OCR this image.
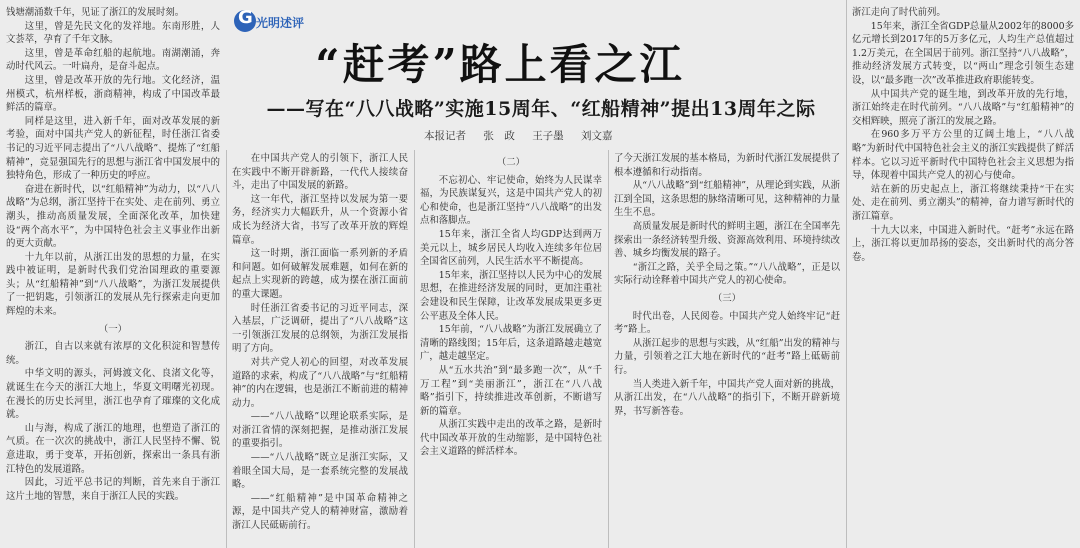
G 光明述评
“赶考”路上看之江
——写在“八八战略”实施15周年、“红船精神”提出13周年之际
本报记者 张　政 王子墨 刘文嘉

钱塘潮涌数千年，见证了浙江的发展时刻。

这里，曾是先民文化的发祥地。东南形胜，人文荟萃，孕育了千年文脉。

这里，曾是革命红船的起航地。南湖潮涌，奔动时代风云。一叶扁舟，是奋斗起点。

这里，曾是改革开放的先行地。文化经济，温州模式，杭州样板，浙商精神，构成了中国改革最鲜活的篇章。

同样是这里，进入新千年，面对改革发展的新考验，面对中国共产党人的新征程，时任浙江省委书记的习近平同志提出了“八八战略”、提炼了“红船精神”，竞显强国先行的思想与浙江省中国发展中的独特角色，形成了一种历史的呼应。

奋进在新时代，以“红船精神”为动力，以“八八战略”为总纲，浙江坚持干在实处、走在前列、勇立潮头，推动高质量发展，全面深化改革，加快建设“两个高水平”，为中国特色社会主义事业作出新的更大贡献。

十九年以前，从浙江出发的思想的力量，在实践中被证明，是新时代我们党治国理政的重要源头；从“红船精神”到“八八战略”，为浙江发展提供了一把钥匙，引领浙江的发展从先行探索走向更加辉煌的未来。

（一）

浙江，自古以来就有浓厚的文化积淀和智慧传统。

中华文明的源头，河姆渡文化、良渚文化等，就诞生在今天的浙江大地上，华夏文明曙光初现。在漫长的历史长河里，浙江也孕育了璀璨的文化成就。

山与海，构成了浙江的地理，也塑造了浙江的气质。在一次次的挑战中，浙江人民坚持不懈、锐意进取，勇于变革，开拓创新，探索出一条具有浙江特色的发展道路。

因此，习近平总书记的判断，首先来自于浙江这片土地的智慧，来自于浙江人民的实践。

在中国共产党人的引领下，浙江人民在实践中不断开辟新路，一代代人接续奋斗，走出了中国发展的新路。

这一年代，浙江坚持以发展为第一要务，经济实力大幅跃升，从一个资源小省成长为经济大省，书写了改革开放的辉煌篇章。

这一时期，浙江面临一系列新的矛盾和问题。如何破解发展难题，如何在新的起点上实现新的跨越，成为摆在浙江面前的重大课题。

时任浙江省委书记的习近平同志，深入基层，广泛调研，提出了“八八战略”这一引领浙江发展的总纲领，为浙江发展指明了方向。

对共产党人初心的回望，对改革发展道路的求索，构成了“八八战略”与“红船精神”的内在逻辑，也是浙江不断前进的精神动力。

——“八八战略”以理论联系实际，是对浙江省情的深刻把握，是推动浙江发展的重要指引。

——“八八战略”既立足浙江实际，又着眼全国大局，是一套系统完整的发展战略。

——“红船精神”是中国革命精神之源，是中国共产党人的精神财富，激励着浙江人民砥砺前行。

（二）

不忘初心、牢记使命，始终为人民谋幸福，为民族谋复兴，这是中国共产党人的初心和使命，也是浙江坚持“八八战略”的出发点和落脚点。

15年来，浙江全省人均GDP达到两万美元以上，城乡居民人均收入连续多年位居全国省区前列，人民生活水平不断提高。

15年来，浙江坚持以人民为中心的发展思想，在推进经济发展的同时，更加注重社会建设和民生保障，让改革发展成果更多更公平惠及全体人民。

15年前，“八八战略”为浙江发展确立了清晰的路线图；15年后，这条道路越走越宽广，越走越坚定。

从“五水共治”到“最多跑一次”，从“千万工程”到“美丽浙江”，浙江在“八八战略”指引下，持续推进改革创新，不断谱写新的篇章。

从浙江实践中走出的改革之路，是新时代中国改革开放的生动缩影，是中国特色社会主义道路的鲜活样本。

了今天浙江发展的基本格局，为新时代浙江发展提供了根本遵循和行动指南。

从“八八战略”到“红船精神”，从理论到实践，从浙江到全国，这条思想的脉络清晰可见，这种精神的力量生生不息。

高质量发展是新时代的鲜明主题，浙江在全国率先探索出一条经济转型升级、资源高效利用、环境持续改善、城乡均衡发展的路子。

“浙江之路，关乎全局之策。”“八八战略”，正是以实际行动诠释着中国共产党人的初心使命。

（三）

时代出卷，人民阅卷。中国共产党人始终牢记“赶考”路上。

从浙江起步的思想与实践，从“红船”出发的精神与力量，引领着之江大地在新时代的“赶考”路上砥砺前行。

当人类进入新千年，中国共产党人面对新的挑战，从浙江出发，在“八八战略”的指引下，不断开辟新境界，书写新答卷。

浙江走向了时代前列。

15年来，浙江全省GDP总量从2002年的8000多亿元增长到2017年的5万多亿元，人均生产总值超过1.2万美元，在全国居于前列。浙江坚持“八八战略”，推动经济发展方式转变，以“两山”理念引领生态建设，以“最多跑一次”改革推进政府职能转变。

从中国共产党的诞生地，到改革开放的先行地，浙江始终走在时代前列。“八八战略”与“红船精神”的交相辉映，照亮了浙江的发展之路。

在960多万平方公里的辽阔土地上，“八八战略”为新时代中国特色社会主义的浙江实践提供了鲜活样本。它以习近平新时代中国特色社会主义思想为指导，体现着中国共产党人的初心与使命。

站在新的历史起点上，浙江将继续秉持“干在实处、走在前列、勇立潮头”的精神，奋力谱写新时代的浙江篇章。

十九大以来，中国进入新时代。“赶考”永远在路上，浙江将以更加昂扬的姿态，交出新时代的高分答卷。
